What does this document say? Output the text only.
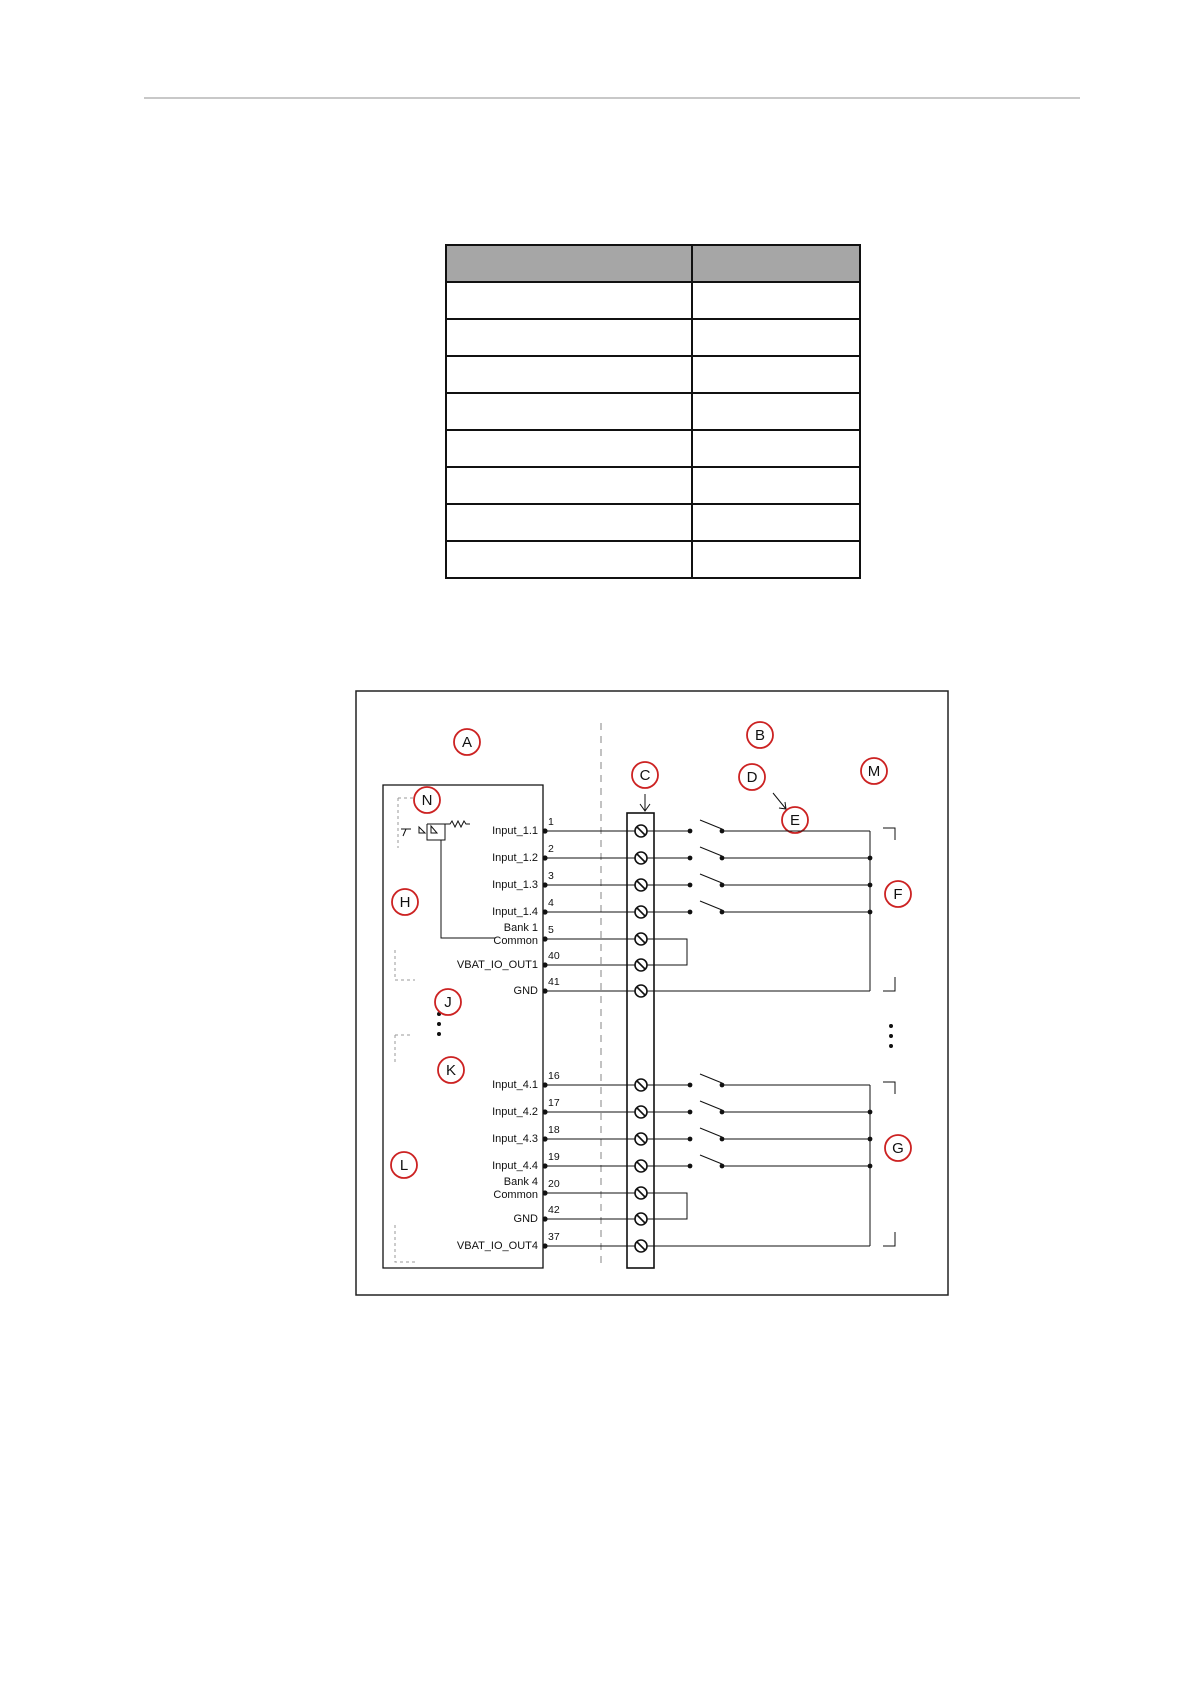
A	B
C	D
E
F
G
H
J
K
L
M
N
Input_1.1
1
Input_1.2
2
Input_1.3
3
Input_1.4
4
Bank 1
Common
5
VBAT_IO_OUT1
40
GND
41
Input_4.1
16
Input_4.2
17
Input_4.3
18
Input_4.4
19
Bank 4
Common
20
GND
42
VBAT_IO_OUT4
37
